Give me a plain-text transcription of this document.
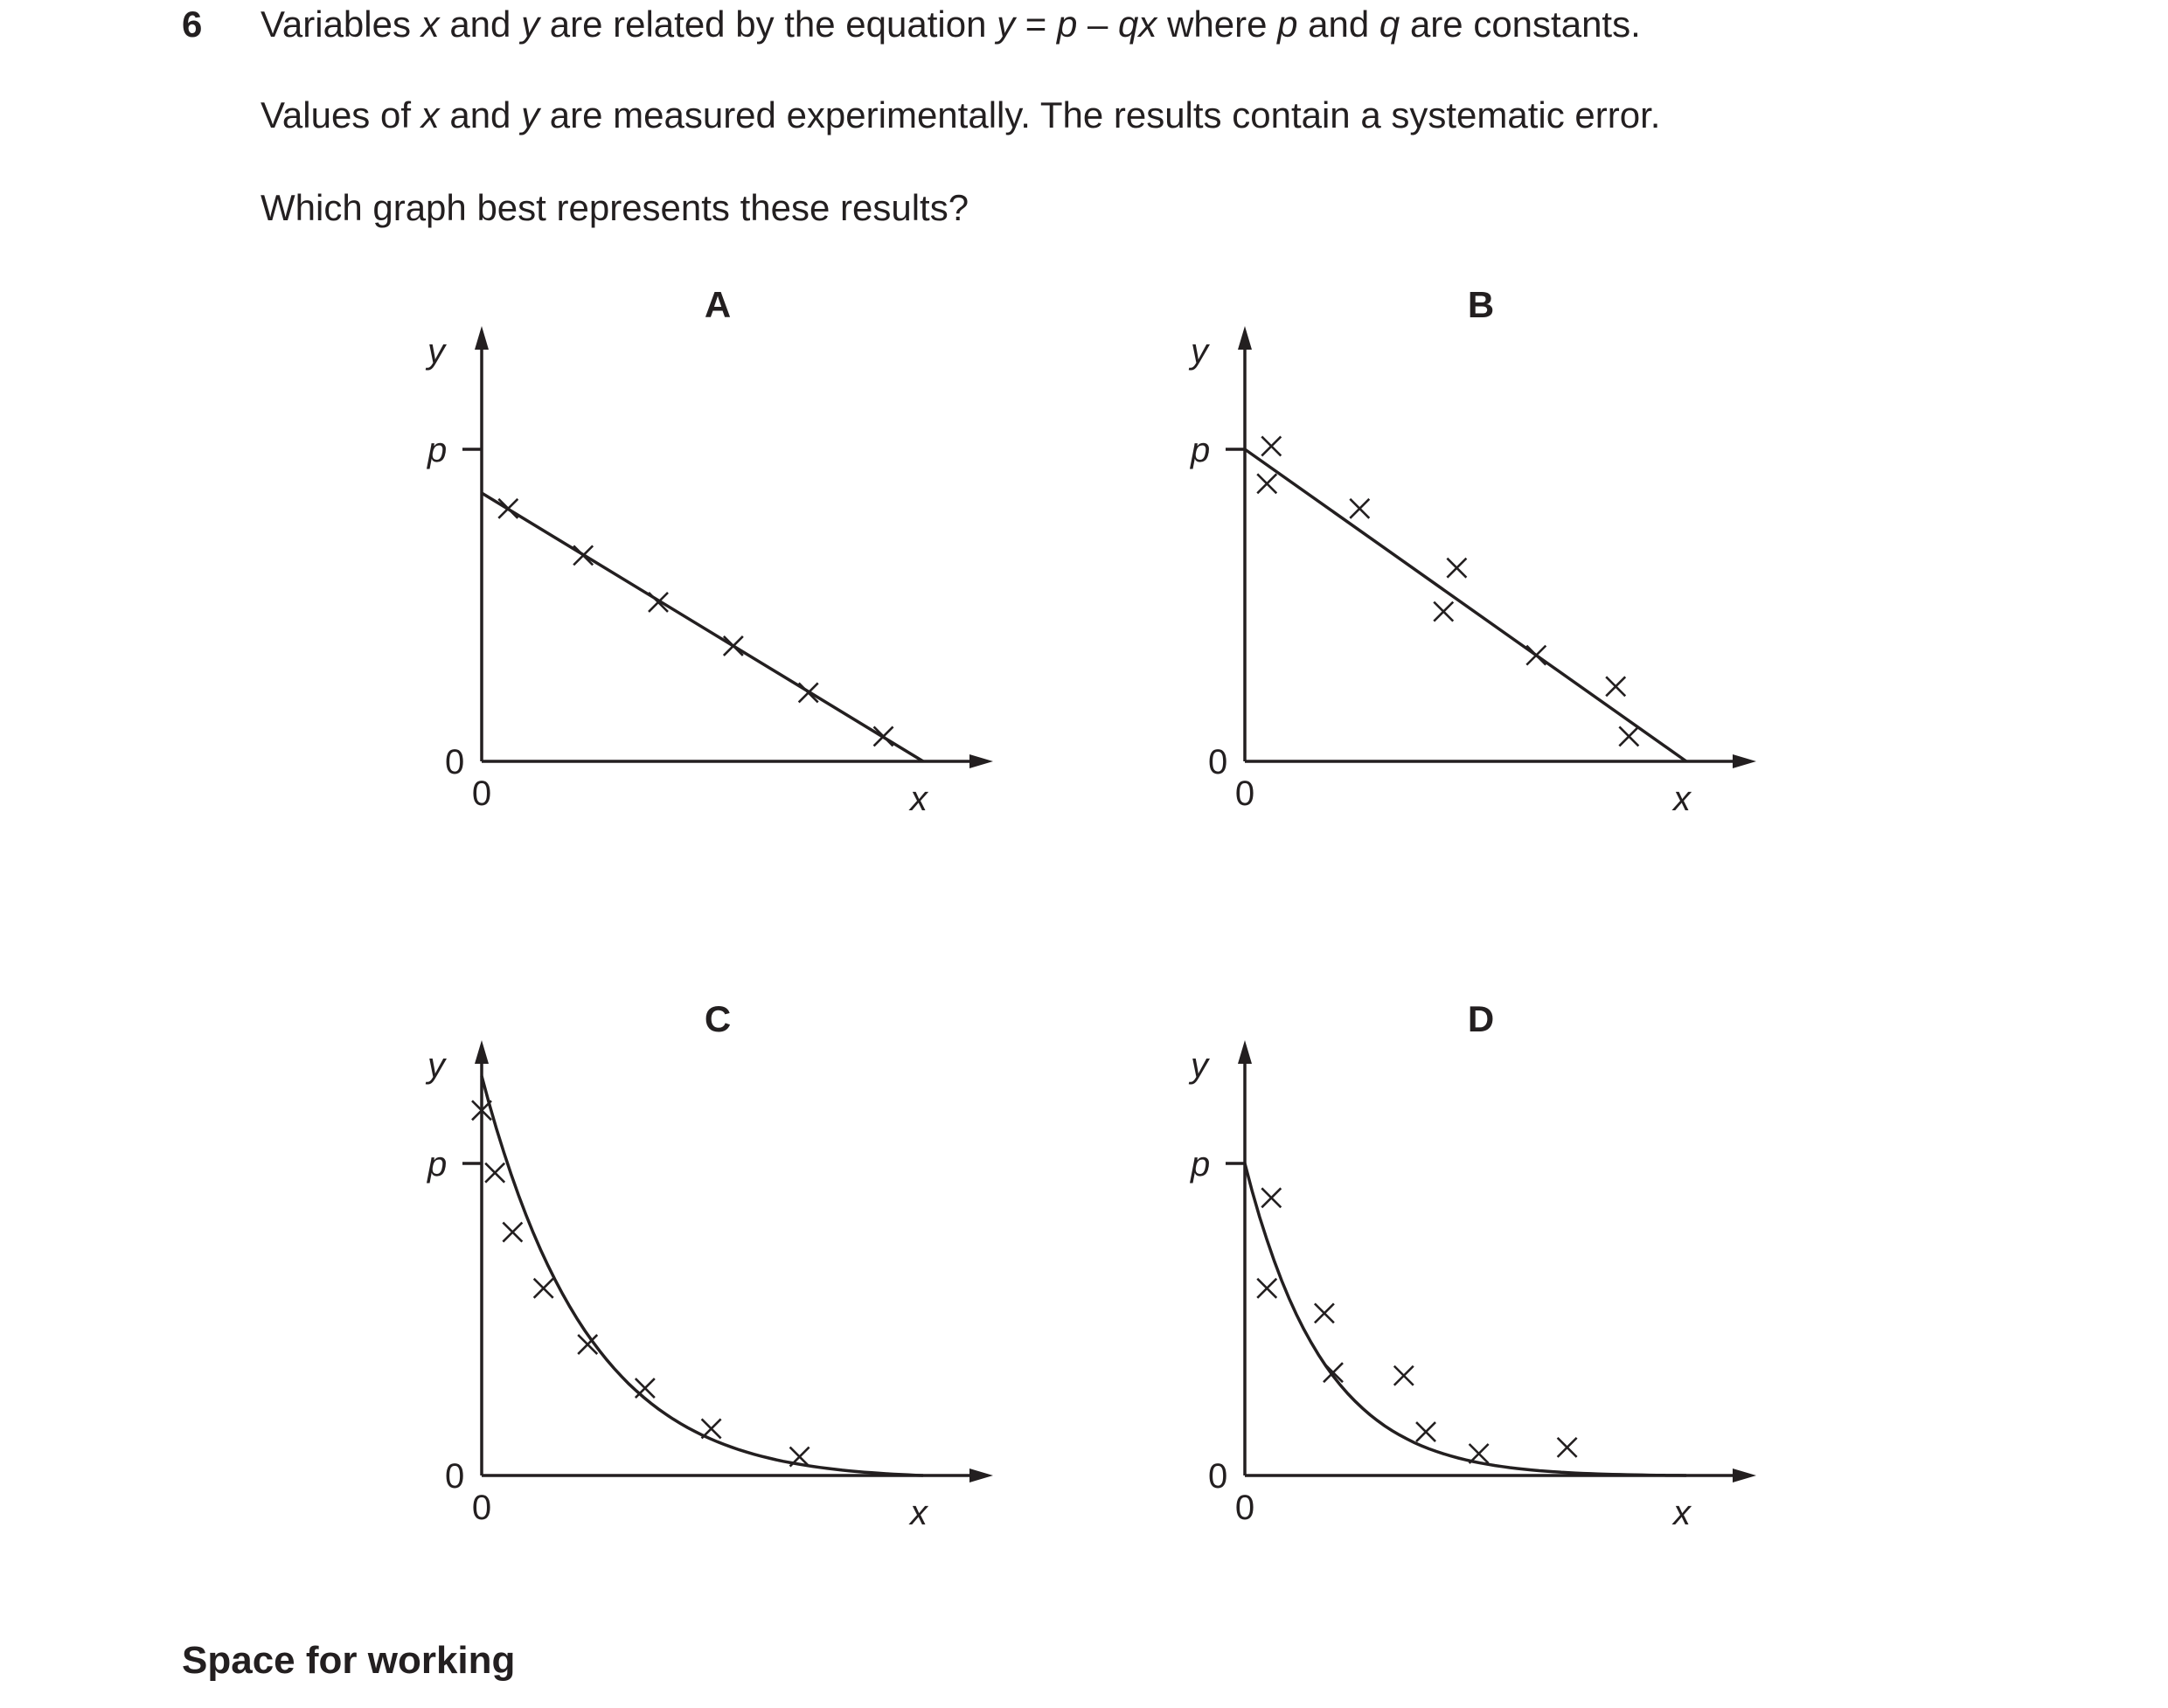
6 Variables x and y are related by the equation y = p – qx where p and q are constants.
Values of x and y are measured experimentally. The results contain a systematic error.
Which graph best represents these results?
A
y
p
0
0	x
B
y
p
0
0	x
C
y
p
0
0	x
D
y
p
0
0	x
Space for working
